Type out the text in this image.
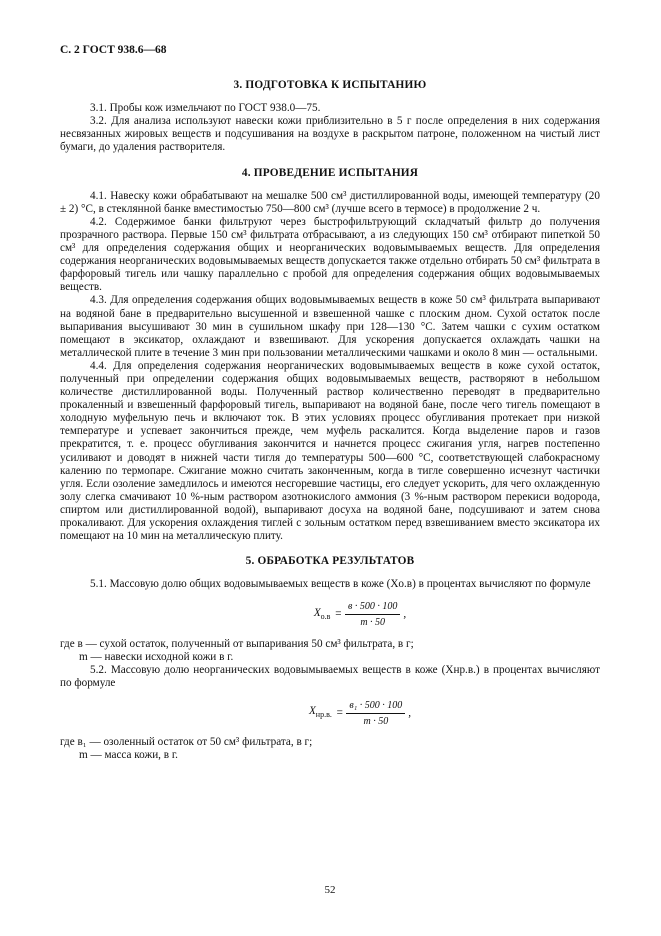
С. 2 ГОСТ 938.6—68
3. ПОДГОТОВКА К ИСПЫТАНИЮ

3.1. Пробы кож измельчают по ГОСТ 938.0—75.

3.2. Для анализа используют навески кожи приблизительно в 5 г после определения в них содержания несвязанных жировых веществ и подсушивания на воздухе в раскрытом патроне, положенном на чистый лист бумаги, до удаления растворителя.

4. ПРОВЕДЕНИЕ ИСПЫТАНИЯ

4.1. Навеску кожи обрабатывают на мешалке 500 см³ дистиллированной воды, имеющей температуру (20 ± 2) °С, в стеклянной банке вместимостью 750—800 см³ (лучше всего в термосе) в продолжение 2 ч.

4.2. Содержимое банки фильтруют через быстрофильтрующий складчатый фильтр до получения прозрачного раствора. Первые 150 см³ фильтрата отбрасывают, а из следующих 150 см³ отбирают пипеткой 50 см³ для определения содержания общих и неорганических водовымываемых веществ. Для определения содержания неорганических водовымываемых веществ допускается также отдельно отбирать 50 см³ фильтрата в фарфоровый тигель или чашку параллельно с пробой для определения содержания общих водовымываемых веществ.

4.3. Для определения содержания общих водовымываемых веществ в коже 50 см³ фильтрата выпаривают на водяной бане в предварительно высушенной и взвешенной чашке с плоским дном. Сухой остаток после выпаривания высушивают 30 мин в сушильном шкафу при 128—130 °С. Затем чашки с сухим остатком помещают в эксикатор, охлаждают и взвешивают. Для ускорения допускается охлаждать чашки на металлической плите в течение 3 мин при пользовании металлическими чашками и около 8 мин — остальными.

4.4. Для определения содержания неорганических водовымываемых веществ в коже сухой остаток, полученный при определении содержания общих водовымываемых веществ, растворяют в небольшом количестве дистиллированной воды. Полученный раствор количественно переводят в предварительно прокаленный и взвешенный фарфоровый тигель, выпаривают на водяной бане, после чего тигель помещают в холодную муфельную печь и включают ток. В этих условиях процесс обугливания протекает при низкой температуре и успевает закончиться прежде, чем муфель раскалится. Когда выделение паров и газов прекратится, т. е. процесс обугливания закончится и начнется процесс сжигания угля, нагрев постепенно усиливают и доводят в нижней части тигля до температуры 500—600 °С, соответствующей слабокрасному калению по термопаре. Сжигание можно считать законченным, когда в тигле совершенно исчезнут частички угля. Если озоление замедлилось и имеются несгоревшие частицы, его следует ускорить, для чего охлажденную золу слегка смачивают 10 %-ным раствором азотнокислого аммония (3 %-ным раствором перекиси водорода, спиртом или дистиллированной водой), выпаривают досуха на водяной бане, подсушивают и затем снова прокаливают. Для ускорения охлаждения тиглей с зольным остатком перед взвешиванием вместо эксикатора их помещают на 10 мин на металлическую плиту.

5. ОБРАБОТКА РЕЗУЛЬТАТОВ

5.1. Массовую долю общих водовымываемых веществ в коже (Xо.в) в процентах вычисляют по формуле

$X_{о.в} = \frac{в \cdot 500 \cdot 100}{m \cdot 50}$ ,

где в — сухой остаток, полученный от выпаривания 50 см³ фильтрата, в г;

m — навески исходной кожи в г.

5.2. Массовую долю неорганических водовымываемых веществ в коже (Xнр.в.) в процентах вычисляют по формуле

$X_{нр.в.} = \frac{\text{в₁ · 500 · 100}}{m \cdot 50}$ ,

где в₁ — озоленный остаток от 50 см³ фильтрата, в г;

m — масса кожи, в г.

52
